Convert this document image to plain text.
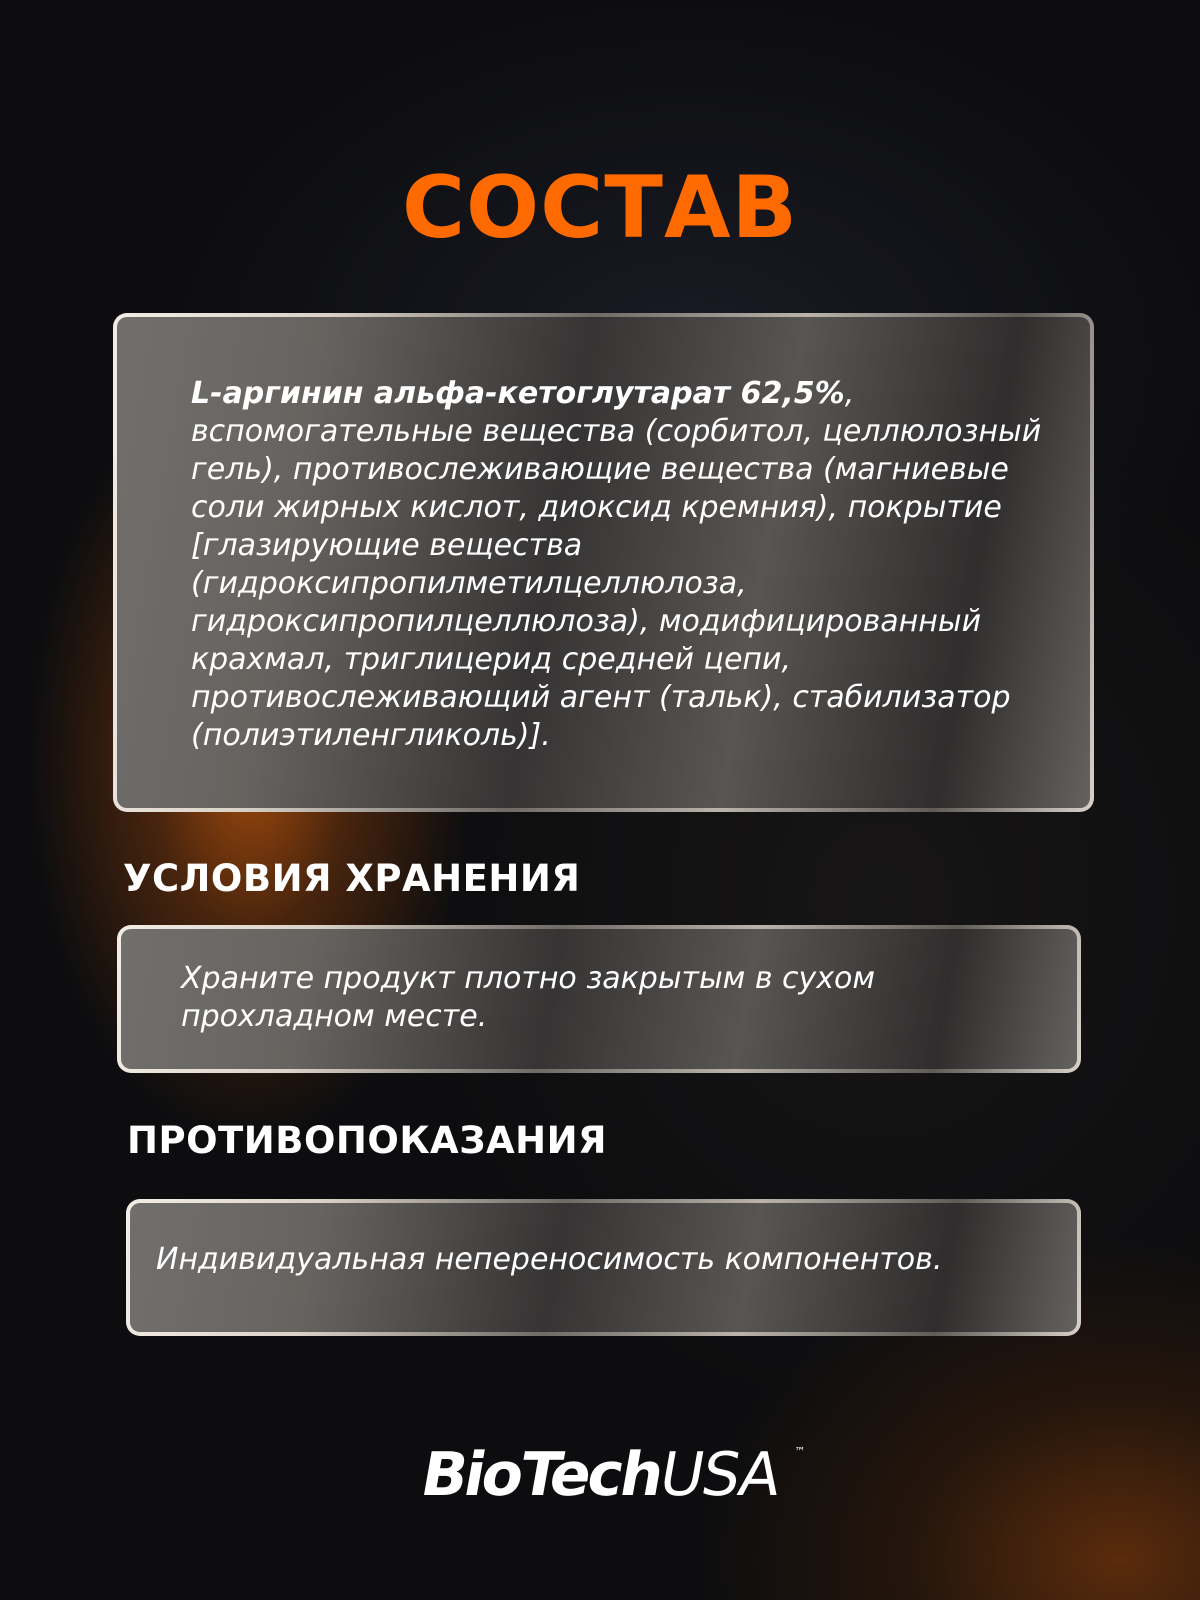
СОСТАВ
L-аргинин альфа-кетоглутарат 62,5%, вспомогательные вещества (сорбитол, целлюлозный гель), противослеживающие вещества (магниевые соли жирных кислот, диоксид кремния), покрытие [глазирующие вещества (гидроксипропилметилцеллюлоза, гидроксипропилцеллюлоза), модифицированный крахмал, триглицерид средней цепи, противослеживающий агент (тальк), стабилизатор (полиэтиленгликоль)].
УСЛОВИЯ ХРАНЕНИЯ
Храните продукт плотно закрытым в сухом прохладном месте.
ПРОТИВОПОКАЗАНИЯ
Индивидуальная непереносимость компонентов.
BioTechUSA ™
